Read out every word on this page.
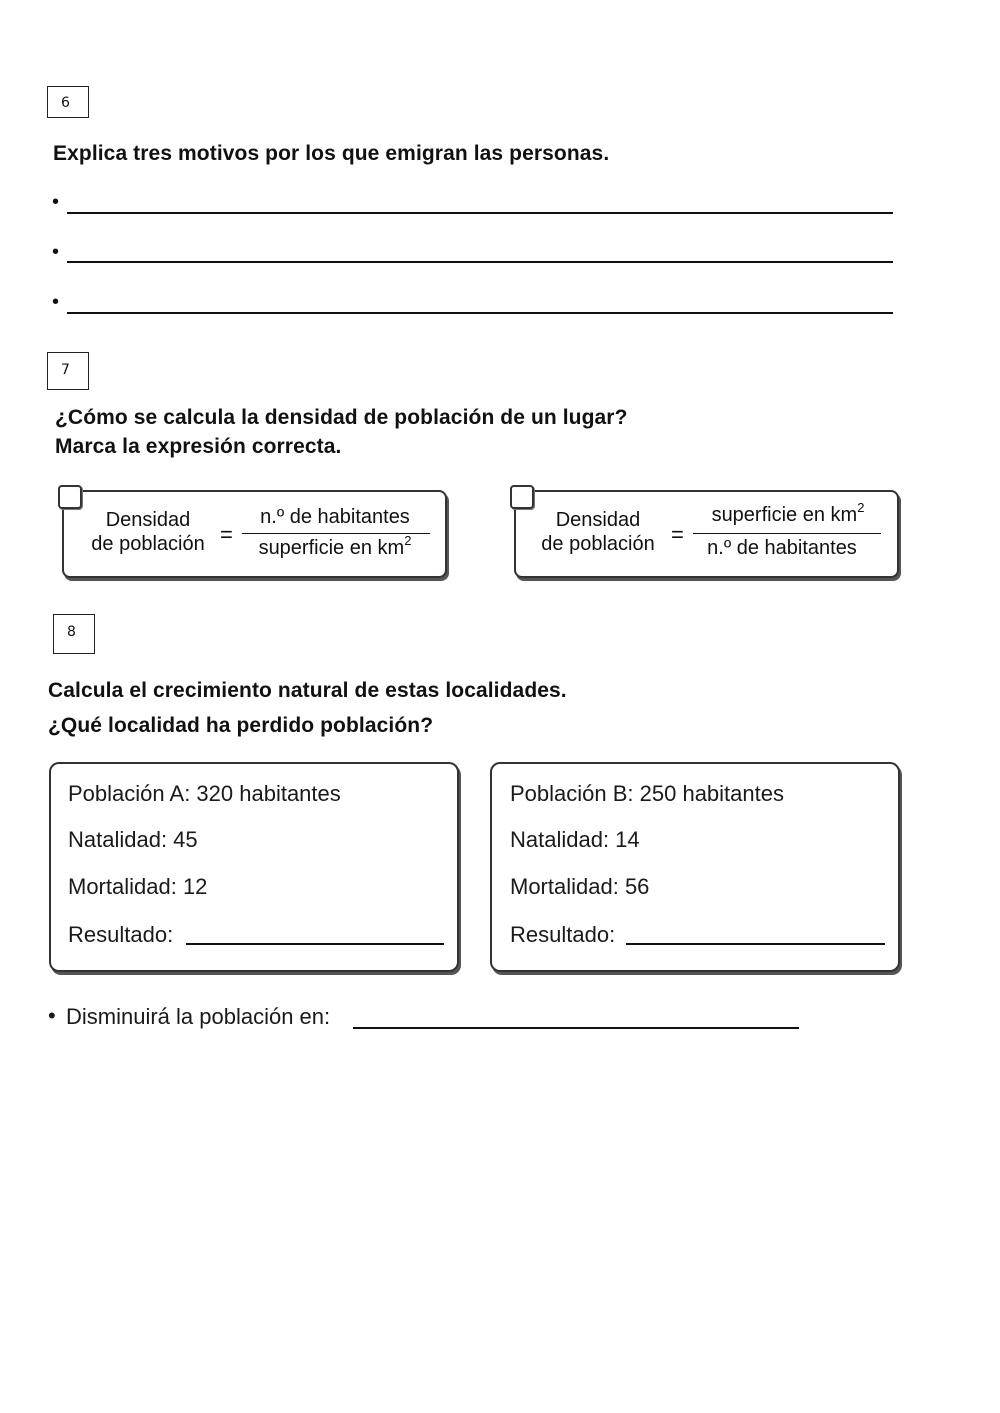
6
Explica tres motivos por los que emigran las personas.
•
•
•
7
¿Cómo se calcula la densidad de población de un lugar?
Marca la expresión correcta.
Densidad
de población =
n.º de habitantes
superficie en $km^2$
Densidad
de población =
superficie en $km^2$
n.º de habitantes
8
Calcula el crecimiento natural de estas localidades.
¿Qué localidad ha perdido población?
Población A: 320 habitantes
Natalidad: 45
Mortalidad: 12
Resultado:
Población B: 250 habitantes
Natalidad: 14
Mortalidad: 56
Resultado:
• Disminuirá la población en:
